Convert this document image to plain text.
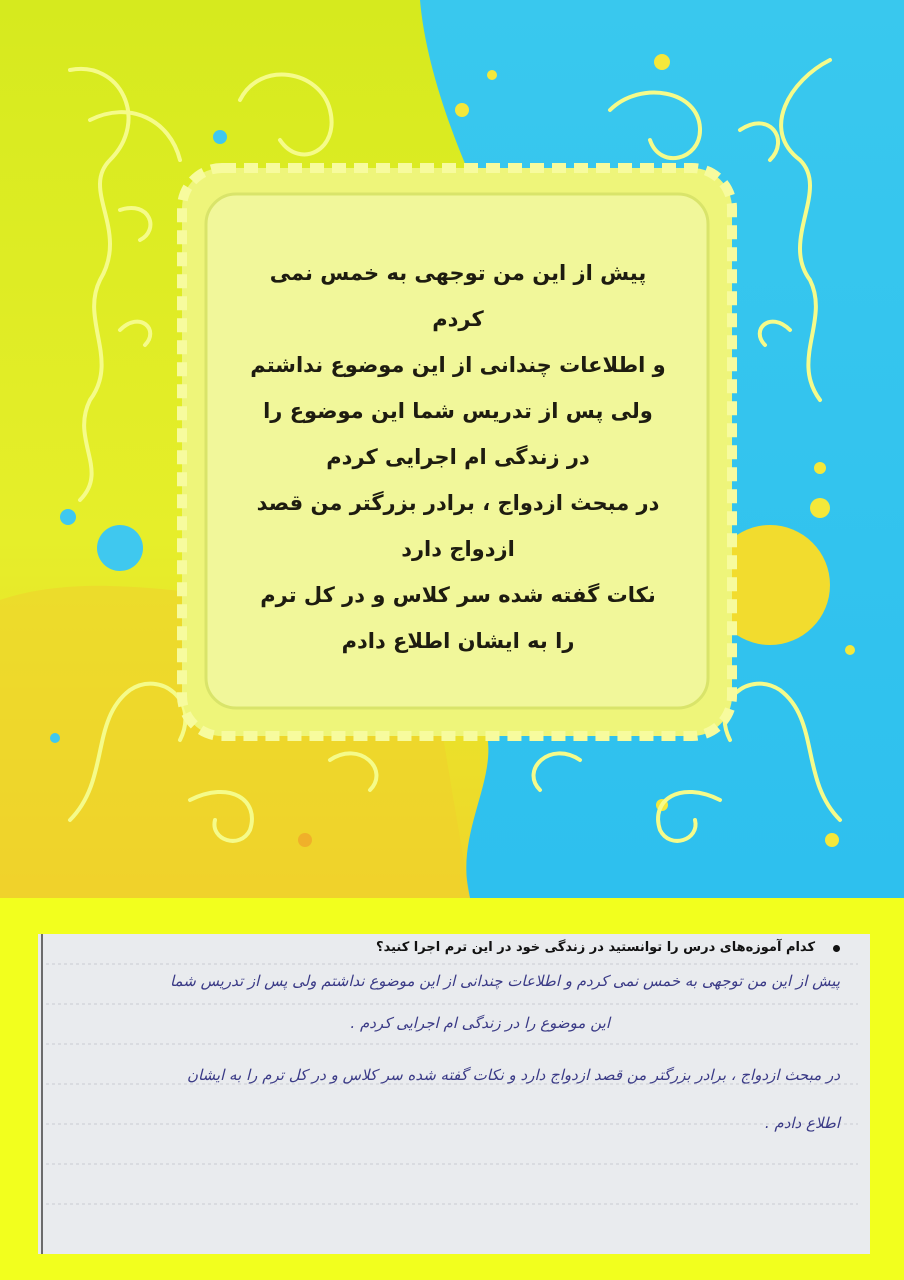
پیش از این من توجهی به خمس نمی
کردم
و اطلاعات چندانی از این موضوع نداشتم
ولی پس از تدریس شما این موضوع را
در زندگی ام اجرایی کردم
در مبحث ازدواج ، برادر بزرگتر من قصد
ازدواج دارد
نکات گفته شده سر کلاس و در کل ترم
را به ایشان اطلاع دادم
کدام آموزه‌های درس را توانستید در زندگی خود در این ترم اجرا کنید؟
پیش از این من توجهی به خمس نمی کردم و اطلاعات چندانی از این موضوع نداشتم ولی پس از تدریس شما
این موضوع را در زندگی ام اجرایی کردم .
در مبحث ازدواج ، برادر بزرگتر من قصد ازدواج دارد و نکات گفته شده سر کلاس و در کل ترم را به ایشان
اطلاع دادم .
